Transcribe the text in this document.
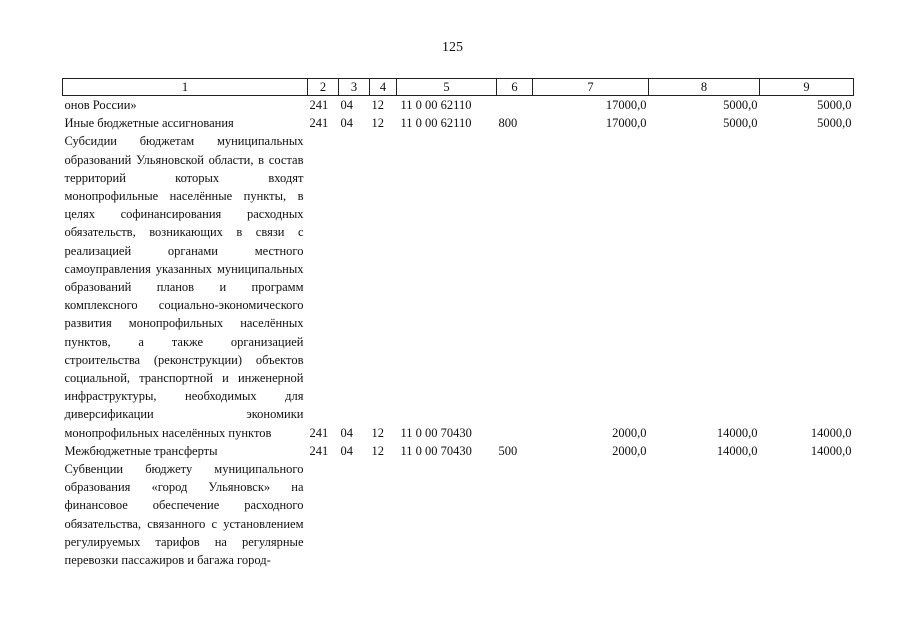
125
1	2	3	4	5	6	7	8	9
онов России»	241	04	12	11 0 00 62110		17000,0	5000,0	5000,0
Иные бюджетные ассигнования	241	04	12	11 0 00 62110	800	17000,0	5000,0	5000,0
Субсидии бюджетам муниципальных образований Ульяновской области, в состав территорий которых входят монопрофильные населённые пункты, в целях софинансирования расходных обязательств, возникающих в связи с реализацией органами местного самоуправления указанных муниципальных образований планов и программ комплексного социально-экономического развития монопрофильных населённых пунктов, а также организацией строительства (реконструкции) объектов социальной, транспортной и инженерной инфраструктуры, необходимых для диверсификации экономики монопрофильных населённых пунктов	241	04	12	11 0 00 70430		2000,0	14000,0	14000,0
Межбюджетные трансферты	241	04	12	11 0 00 70430	500	2000,0	14000,0	14000,0
Субвенции бюджету муниципального образования «город Ульяновск» на финансовое обеспечение расходного обязательства, связанного с установлением регулируемых тарифов на регулярные перевозки пассажиров и багажа город-								
